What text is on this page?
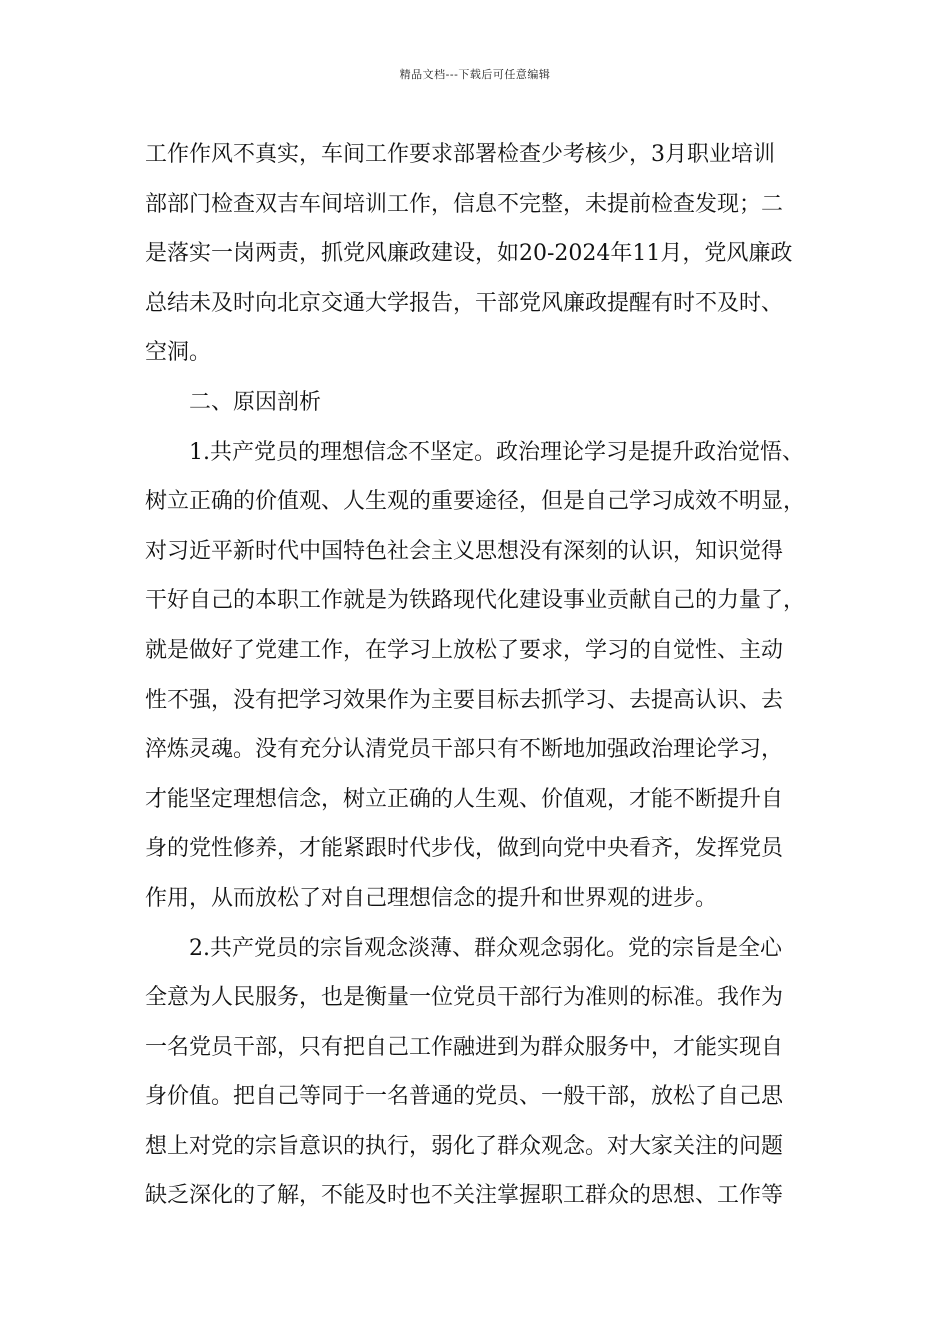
精品文档---下载后可任意编辑
工作作风不真实，车间工作要求部署检查少考核少，3月职业培训
部部门检查双吉车间培训工作，信息不完整，未提前检查发现；二
是落实一岗两责，抓党风廉政建设，如20-2024年11月，党风廉政
总结未及时向北京交通大学报告，干部党风廉政提醒有时不及时、
空洞。
二、原因剖析
1.共产党员的理想信念不坚定。政治理论学习是提升政治觉悟、
树立正确的价值观、人生观的重要途径，但是自己学习成效不明显，
对习近平新时代中国特色社会主义思想没有深刻的认识，知识觉得
干好自己的本职工作就是为铁路现代化建设事业贡献自己的力量了，
就是做好了党建工作，在学习上放松了要求，学习的自觉性、主动
性不强，没有把学习效果作为主要目标去抓学习、去提高认识、去
淬炼灵魂。没有充分认清党员干部只有不断地加强政治理论学习，
才能坚定理想信念，树立正确的人生观、价值观，才能不断提升自
身的党性修养，才能紧跟时代步伐，做到向党中央看齐，发挥党员
作用，从而放松了对自己理想信念的提升和世界观的进步。
2.共产党员的宗旨观念淡薄、群众观念弱化。党的宗旨是全心
全意为人民服务，也是衡量一位党员干部行为准则的标准。我作为
一名党员干部，只有把自己工作融进到为群众服务中，才能实现自
身价值。把自己等同于一名普通的党员、一般干部，放松了自己思
想上对党的宗旨意识的执行，弱化了群众观念。对大家关注的问题
缺乏深化的了解，不能及时也不关注掌握职工群众的思想、工作等
